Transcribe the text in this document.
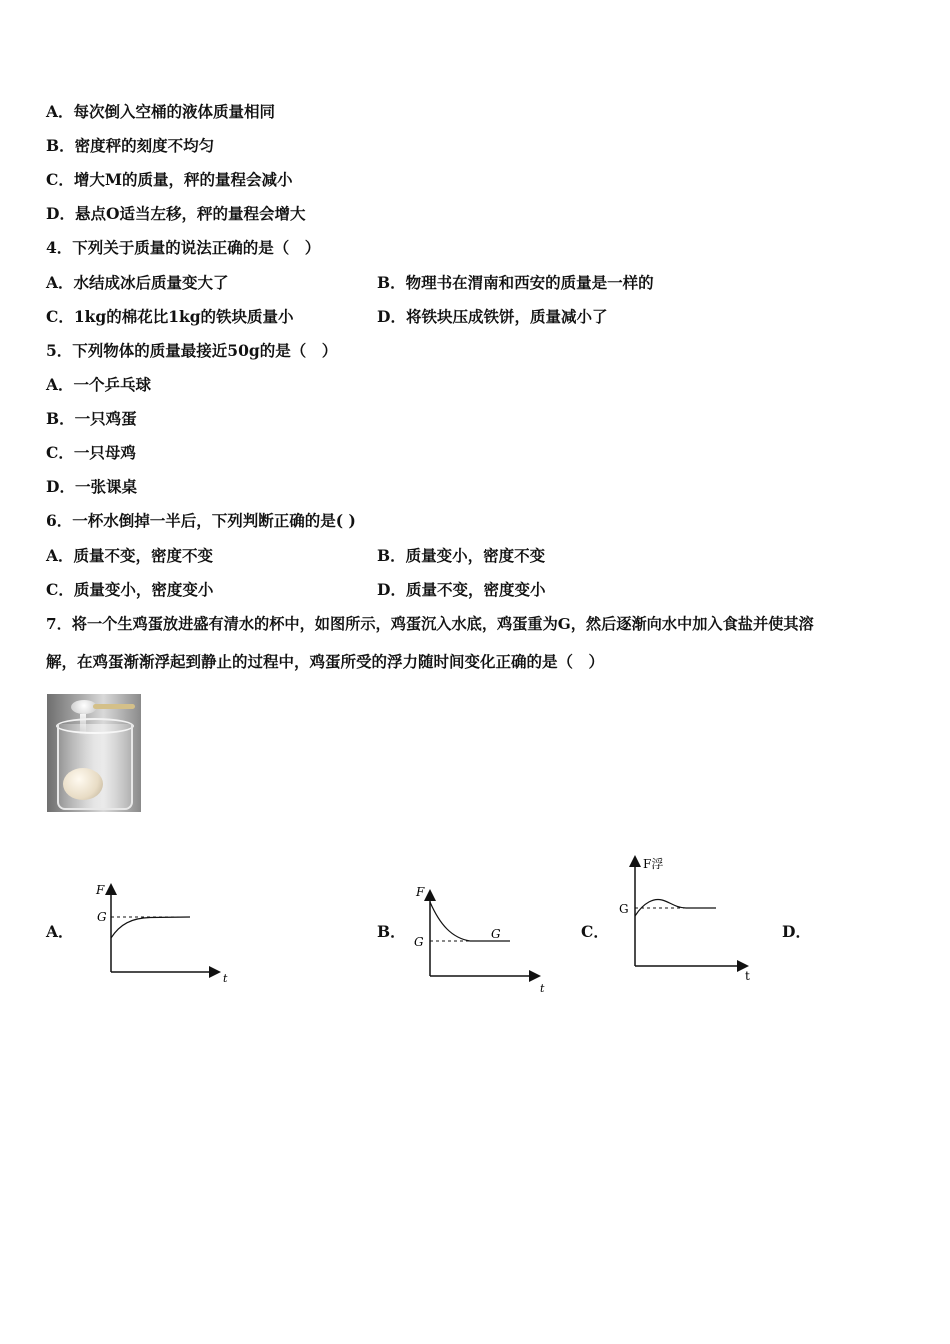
A．每次倒入空桶的液体质量相同
B．密度秤的刻度不均匀
C．增大M的质量，秤的量程会减小
D．悬点O适当左移，秤的量程会增大
4．下列关于质量的说法正确的是（　）
A．水结成冰后质量变大了	B．物理书在渭南和西安的质量是一样的
C．1kg的棉花比1kg的铁块质量小	D．将铁块压成铁饼，质量减小了
5．下列物体的质量最接近50g的是（　）
A．一个乒乓球
B．一只鸡蛋
C．一只母鸡
D．一张课桌
6．一杯水倒掉一半后，下列判断正确的是( )
A．质量不变，密度不变	B．质量变小，密度不变
C．质量变小，密度变小	D．质量不变，密度变小
7．将一个生鸡蛋放进盛有清水的杯中，如图所示，鸡蛋沉入水底，鸡蛋重为G，然后逐渐向水中加入食盐并使其溶
解，在鸡蛋渐渐浮起到静止的过程中，鸡蛋所受的浮力随时间变化正确的是（　）
A．	B．	C．	D．
F
G
t
F
G
G
t
F浮
G
t
